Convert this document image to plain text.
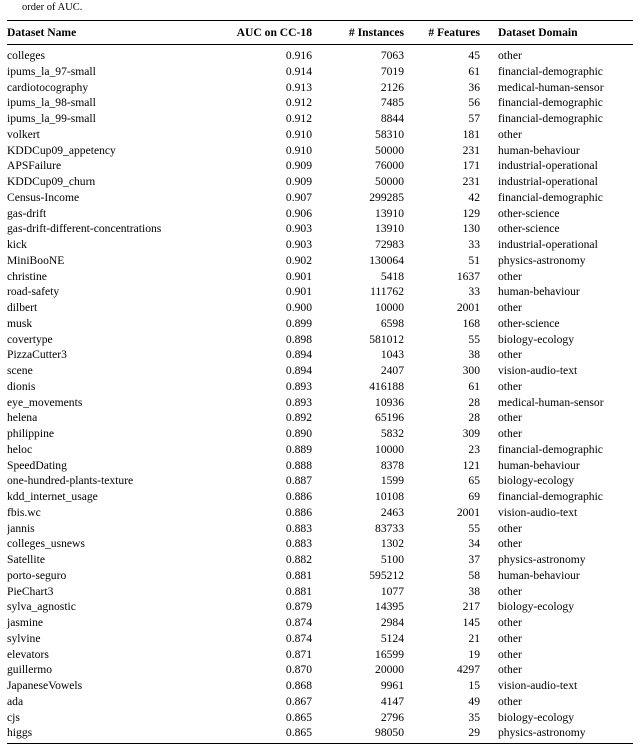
order of AUC.
Dataset Name	AUC on CC-18	# Instances	# Features	Dataset Domain
colleges	0.916	7063	45	other
ipums_la_97-small	0.914	7019	61	financial-demographic
cardiotocography	0.913	2126	36	medical-human-sensor
ipums_la_98-small	0.912	7485	56	financial-demographic
ipums_la_99-small	0.912	8844	57	financial-demographic
volkert	0.910	58310	181	other
KDDCup09_appetency	0.910	50000	231	human-behaviour
APSFailure	0.909	76000	171	industrial-operational
KDDCup09_churn	0.909	50000	231	industrial-operational
Census-Income	0.907	299285	42	financial-demographic
gas-drift	0.906	13910	129	other-science
gas-drift-different-concentrations	0.903	13910	130	other-science
kick	0.903	72983	33	industrial-operational
MiniBooNE	0.902	130064	51	physics-astronomy
christine	0.901	5418	1637	other
road-safety	0.901	111762	33	human-behaviour
dilbert	0.900	10000	2001	other
musk	0.899	6598	168	other-science
covertype	0.898	581012	55	biology-ecology
PizzaCutter3	0.894	1043	38	other
scene	0.894	2407	300	vision-audio-text
dionis	0.893	416188	61	other
eye_movements	0.893	10936	28	medical-human-sensor
helena	0.892	65196	28	other
philippine	0.890	5832	309	other
heloc	0.889	10000	23	financial-demographic
SpeedDating	0.888	8378	121	human-behaviour
one-hundred-plants-texture	0.887	1599	65	biology-ecology
kdd_internet_usage	0.886	10108	69	financial-demographic
fbis.wc	0.886	2463	2001	vision-audio-text
jannis	0.883	83733	55	other
colleges_usnews	0.883	1302	34	other
Satellite	0.882	5100	37	physics-astronomy
porto-seguro	0.881	595212	58	human-behaviour
PieChart3	0.881	1077	38	other
sylva_agnostic	0.879	14395	217	biology-ecology
jasmine	0.874	2984	145	other
sylvine	0.874	5124	21	other
elevators	0.871	16599	19	other
guillermo	0.870	20000	4297	other
JapaneseVowels	0.868	9961	15	vision-audio-text
ada	0.867	4147	49	other
cjs	0.865	2796	35	biology-ecology
higgs	0.865	98050	29	physics-astronomy
